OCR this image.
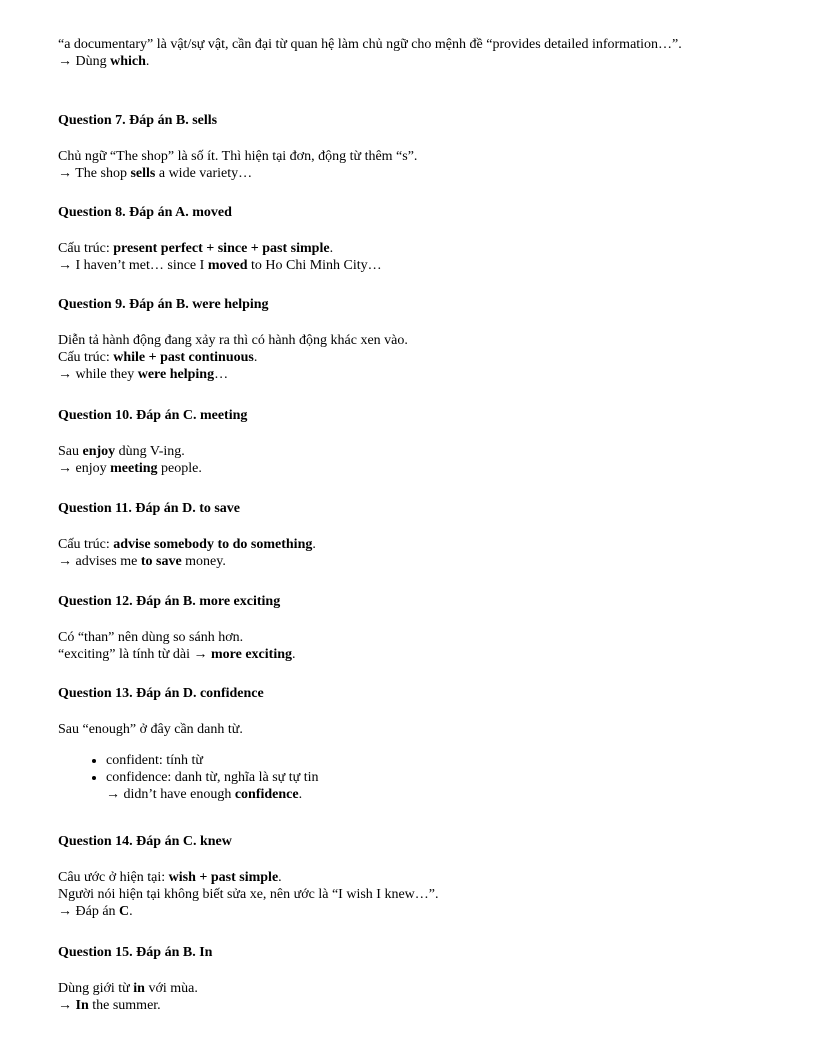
“a documentary” là vật/sự vật, cần đại từ quan hệ làm chủ ngữ cho mệnh đề “provides detailed information…”.
→ Dùng which.
Question 7. Đáp án B. sells
Chủ ngữ “The shop” là số ít. Thì hiện tại đơn, động từ thêm “s”.
→ The shop sells a wide variety…
Question 8. Đáp án A. moved
Cấu trúc: present perfect + since + past simple.
→ I haven’t met… since I moved to Ho Chi Minh City…
Question 9. Đáp án B. were helping
Diễn tả hành động đang xảy ra thì có hành động khác xen vào.
Cấu trúc: while + past continuous.
→ while they were helping…
Question 10. Đáp án C. meeting
Sau enjoy dùng V-ing.
→ enjoy meeting people.
Question 11. Đáp án D. to save
Cấu trúc: advise somebody to do something.
→ advises me to save money.
Question 12. Đáp án B. more exciting
Có “than” nên dùng so sánh hơn.
“exciting” là tính từ dài → more exciting.
Question 13. Đáp án D. confidence
Sau “enough” ở đây cần danh từ.
• confident: tính từ
• confidence: danh từ, nghĩa là sự tự tin
→ didn’t have enough confidence.
Question 14. Đáp án C. knew
Câu ước ở hiện tại: wish + past simple.
Người nói hiện tại không biết sửa xe, nên ước là “I wish I knew…”.
→ Đáp án C.
Question 15. Đáp án B. In
Dùng giới từ in với mùa.
→ In the summer.
